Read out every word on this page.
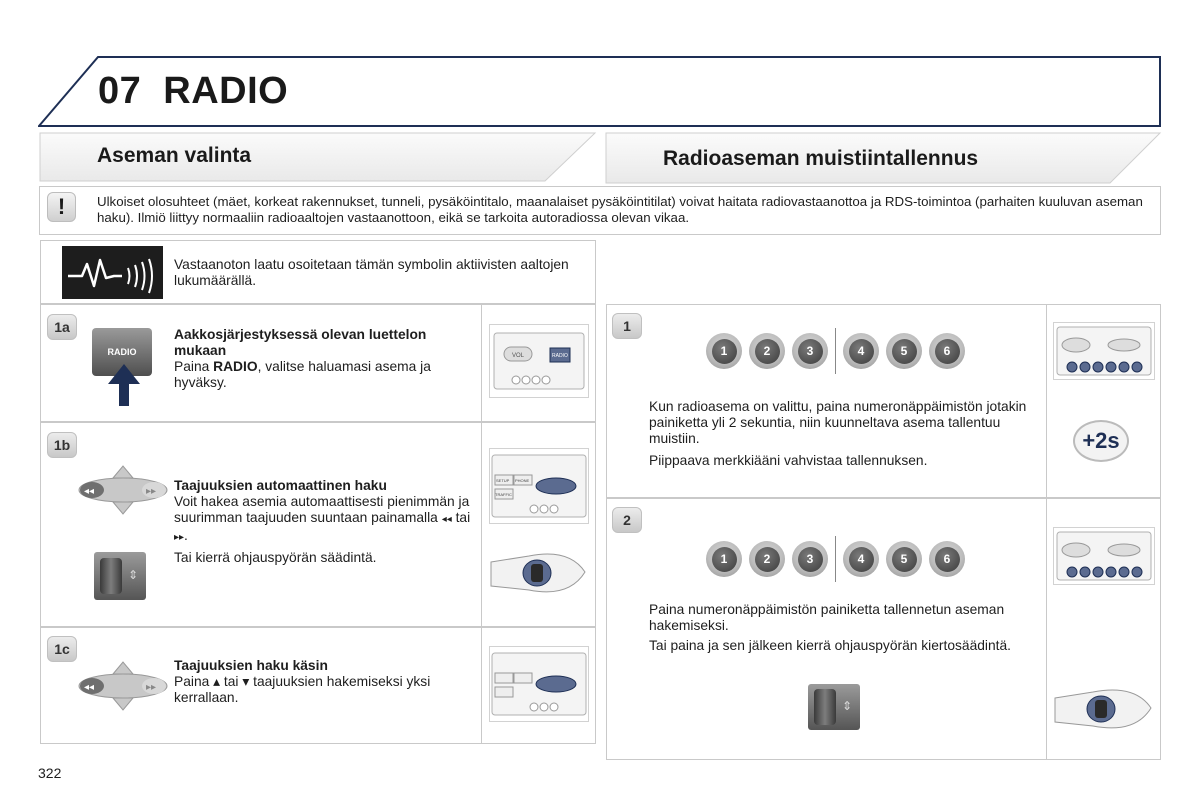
07 RADIO
Aseman valinta	Radioaseman muistiintallennus
!	Ulkoiset olosuhteet (mäet, korkeat rakennukset, tunneli, pysäköintitalo, maanalaiset pysäköintitilat) voivat haitata radiovastaanottoa ja RDS-toimintoa (parhaiten kuuluvan aseman haku). Ilmiö liittyy normaaliin radioaaltojen vastaanottoon, eikä se tarkoita autoradiossa olevan vikaa.
Vastaanoton laatu osoitetaan tämän symbolin aktiivisten aaltojen lukumäärällä.
1a
RADIO
Aakkosjärjestyksessä olevan luettelon mukaan
Paina RADIO, valitse haluamasi asema ja hyväksy.
VOL	RADIO
1b
◂◂	▸▸ Taajuuksien automaattinen haku
Voit hakea asemia automaattisesti pienimmän ja suurimman taajuuden suuntaan painamalla ◂◂ tai ▸▸.
Tai kierrä ohjauspyörän säädintä.
⇕
SETUP PHONE
TRAFFIC
1c
◂◂	▸▸
Taajuuksien haku käsin
Paina ▴ tai ▾ taajuuksien hakemiseksi yksi kerrallaan.
1
1	2	3	4	5	6
Kun radioasema on valittu, paina numeronäppäimistön jotakin painiketta yli 2 sekuntia, niin kuunneltava asema tallentuu muistiin.
Piippaava merkkiääni vahvistaa tallennuksen.
+2s
2
1	2	3	4	5	6
Paina numeronäppäimistön painiketta tallennetun aseman hakemiseksi.
Tai paina ja sen jälkeen kierrä ohjauspyörän kiertosäädintä.
⇕
322
